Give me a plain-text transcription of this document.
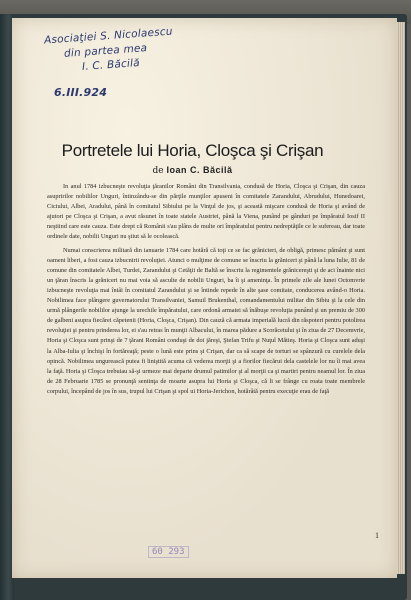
Asociaţiei S. Nicolaescu
din partea mea
I. C. Băcilă
6.III.924
Portretele lui Horia, Cloşca şi Crişan
de Ioan C. Băcilă

In anul 1784 izbucneşte revoluţia ţăranilor Români din Transilvania, condusă de Horia, Cloşca şi Crişan, din cauza asupririlor nobililor Unguri, întinzându-se din părţile munţilor apuseni în comitatele Zarandului, Abrudului, Hunedoarei, Ciciului, Albei, Aradului, până în comitatul Sibiului pe la Vinţul de jos, şi această mişcare condusă de Horia şi având de ajutori pe Cloşca şi Crişan, a avut răsunet în toate statele Austriei, până la Viena, punând pe gânduri pe împăratul Iosif II neştiind care este cauza. Este drept că Românii s'au plâns de multe ori împăratului pentru nedreptăţile ce le sufereau, dar toate ordinele date, nobilii Unguri nu ştiut să le ocolească.

Numai conscrierea militară din ianuarie 1784 care hotără că toţi ce se fac grănicieri, de obligă, primesc pământ şi sunt oameni liberi, a fost cauza izbucnirii revoluţiei. Atunci o mulţime de comune se înscriu la grăniceri şi până la luna Iulie, 81 de comune din comitatele Albei, Turdei, Zarandului şi Cetăţii de Baltă se înscriu la regimentele grănicereşti şi de aci înainte nici un ţăran înscris la grăniceri nu mai voia să asculte de nobilii Unguri, ba îi şi ameninţa. În primele zile ale lunei Octomvrie izbucneşte revoluţia mai întâi în comitatul Zarandului şi se întinde repede în alte şase comitate, conducerea având-o Horia. Nobilimea face plângere guvernatorului Transilvaniei, Samuil Brukenthal, comandamentului militar din Sibiu şi la cele din urmă plângerile nobililor ajunge la urechile împăratului, care ordonă armatei să înăbuşe revoluţia punând şi un premiu de 300 de galbeni asupra fiecărei căpetenii (Horia, Cloşca, Crişan). Din cauză că armata imperială lucră din răspoteri pentru potolirea revoluţiei şi pentru prinderea lor, ei s'au retras în munţii Albacului, în marea pădure a Scorăcetului şi în ziua de 27 Decemvrie, Horia şi Cloşca sunt prinşi de 7 ţărani Români conduşi de doi jăreşi, Ştefan Trifu şi Nuţul Mătieş. Horia şi Cloşca sunt aduşi la Alba-Iulia şi închişi în fortăreaţă; peste o lună este prins şi Crişan, dar ca să scape de torturi se spânzură cu curelele dela opincă. Nobilimea ungurească putea fi liniştită acuma că vederea morţii şi a fiorilor fiecărui dela castelele lor nu îi mai avea la faţă. Horia şi Cloşca trebuiau să-şi urmeze mai departe drumul patimilor şi al morţii ca şi martiri pentru neamul lor. În ziua de 28 Februarie 1785 se pronunţă sentinţa de moarte asupra lui Horia şi Cloşca, că li se frânge cu roata toate membrele corpului, începând de jos în sus, trupul lui Crişan şi spol ui Horia-Jerichon, hotărâtă pentru execuţie erau de faţă

1
60 293
